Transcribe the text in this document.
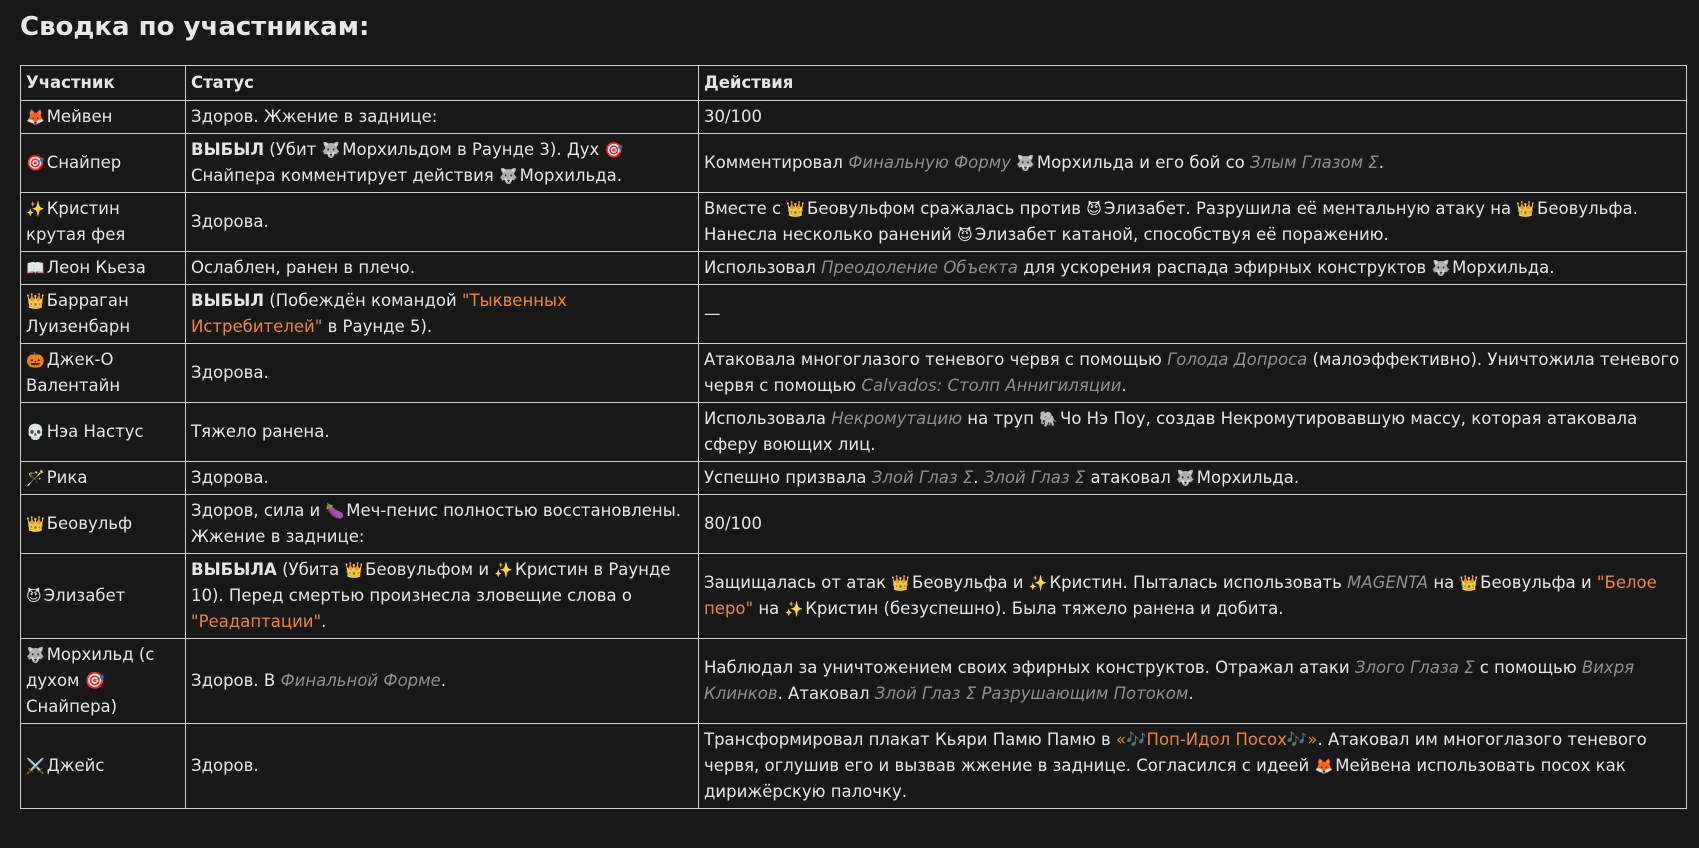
Сводка по участникам:
Участник	Статус	Действия
🦊 Мейвен	Здоров. Жжение в заднице:	30/100
🎯 Снайпер	ВЫБЫЛ (Убит 🐺 Морхильдом в Раунде 3). Дух 🎯Снайпера комментирует действия 🐺 Морхильда.	Комментировал Финальную Форму 🐺 Морхильда и его бой со Злым Глазом Σ.
✨ Кристин крутая фея	Здорова.	Вместе с 👑 Беовульфом сражалась против 😈 Элизабет. Разрушила её ментальную атаку на 👑 Беовульфа. Нанесла несколько ранений 😈 Элизабет катаной, способствуя её поражению.
📖 Леон Кьеза	Ослаблен, ранен в плечо.	Использовал Преодоление Объекта для ускорения распада эфирных конструктов 🐺 Морхильда.
👑 Барраган Луизенбарн	ВЫБЫЛ (Побеждён командой "Тыквенных Истребителей" в Раунде 5).	—
🎃 Джек-О Валентайн	Здорова.	Атаковала многоглазого теневого червя с помощью Голода Допроса (малоэффективно). Уничтожила теневого червя с помощью Calvados: Столп Аннигиляции.
💀 Нэа Настус	Тяжело ранена.	Использовала Некромутацию на труп 🐘 Чо Нэ Поу, создав Некромутировавшую массу, которая атаковала сферу воющих лиц.
🪄 Рика	Здорова.	Успешно призвала Злой Глаз Σ. Злой Глаз Σ атаковал 🐺 Морхильда.
👑 Беовульф	Здоров, сила и 🍆 Меч-пенис полностью восстановлены. Жжение в заднице:	80/100
😈 Элизабет	ВЫБЫЛА (Убита 👑 Беовульфом и ✨ Кристин в Раунде 10). Перед смертью произнесла зловещие слова о "Реадаптации".	Защищалась от атак 👑 Беовульфа и ✨ Кристин. Пыталась использовать MAGENTA на 👑 Беовульфа и "Белое перо" на ✨ Кристин (безуспешно). Была тяжело ранена и добита.
🐺 Морхильд (с духом 🎯 Снайпера)	Здоров. В Финальной Форме.	Наблюдал за уничтожением своих эфирных конструктов. Отражал атаки Злого Глаза Σ с помощью Вихря Клинков. Атаковал Злой Глаз Σ Разрушающим Потоком.
⚔️ Джейс	Здоров.	Трансформировал плакат Кьяри Памю Памю в «🎶Поп-Идол Посох🎶». Атаковал им многоглазого теневого червя, оглушив его и вызвав жжение в заднице. Согласился с идеей 🦊 Мейвена использовать посох как дирижёрскую палочку.
